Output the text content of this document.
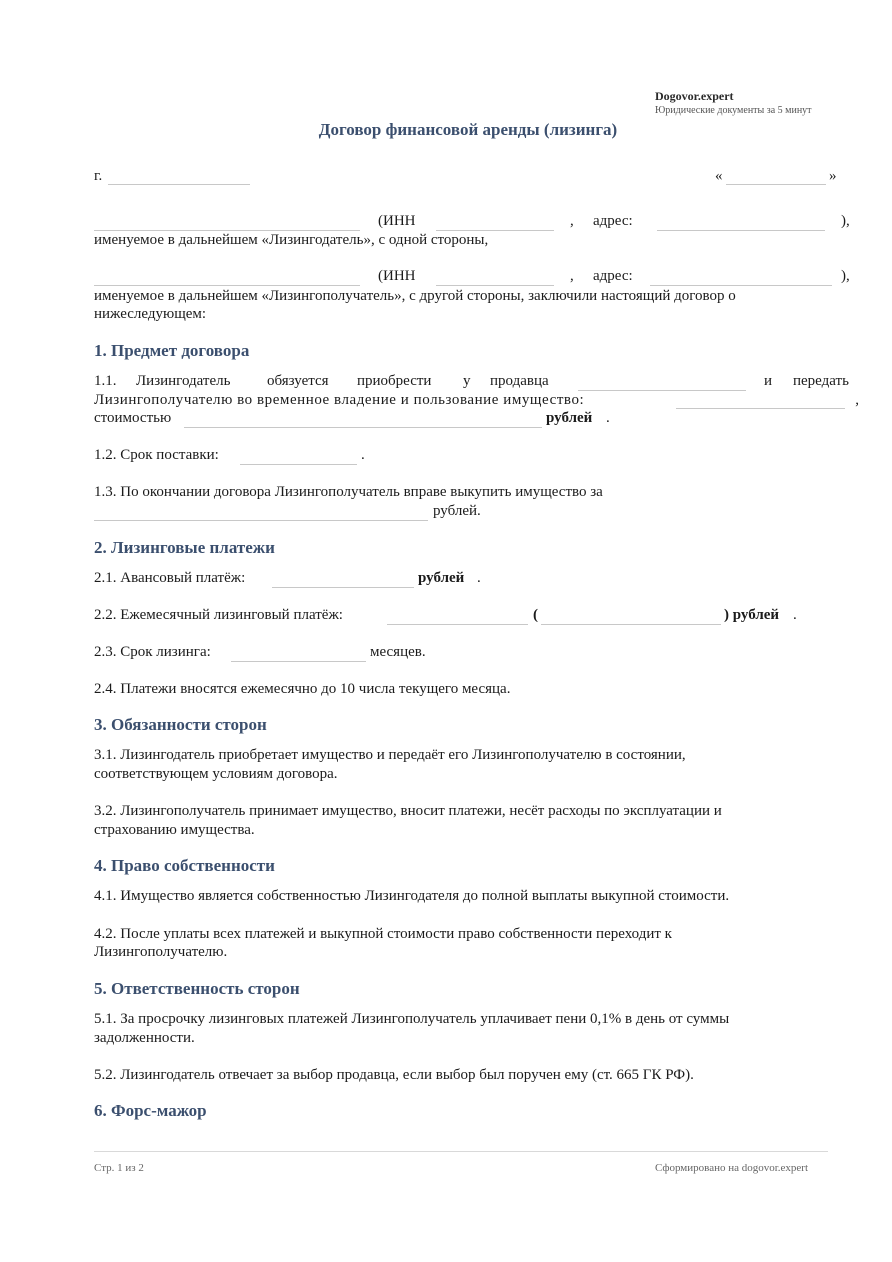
Dogovor.expert
Юридические документы за 5 минут
Договор финансовой аренды (лизинга)
г.	«	»
(ИНН	, адрес:	),
именуемое в дальнейшем «Лизингодатель», с одной стороны,
(ИНН	, адрес:	),
именуемое в дальнейшем «Лизингополучатель», с другой стороны, заключили настоящий договор о
нижеследующем:
1. Предмет договора
1.1. Лизингодатель обязуется приобрести у продавца	и передать
Лизингополучателю во временное владение и пользование имущество:	,
стоимостью	рублей .
1.2. Срок поставки:	.
1.3. По окончании договора Лизингополучатель вправе выкупить имущество за
рублей.
2. Лизинговые платежи
2.1. Авансовый платёж:	рублей .
2.2. Ежемесячный лизинговый платёж:	(	) рублей .
2.3. Срок лизинга:	месяцев.
2.4. Платежи вносятся ежемесячно до 10 числа текущего месяца.
3. Обязанности сторон
3.1. Лизингодатель приобретает имущество и передаёт его Лизингополучателю в состоянии,
соответствующем условиям договора.
3.2. Лизингополучатель принимает имущество, вносит платежи, несёт расходы по эксплуатации и
страхованию имущества.
4. Право собственности
4.1. Имущество является собственностью Лизингодателя до полной выплаты выкупной стоимости.
4.2. После уплаты всех платежей и выкупной стоимости право собственности переходит к
Лизингополучателю.
5. Ответственность сторон
5.1. За просрочку лизинговых платежей Лизингополучатель уплачивает пени 0,1% в день от суммы
задолженности.
5.2. Лизингодатель отвечает за выбор продавца, если выбор был поручен ему (ст. 665 ГК РФ).
6. Форс-мажор
Стр. 1 из 2	Сформировано на dogovor.expert
